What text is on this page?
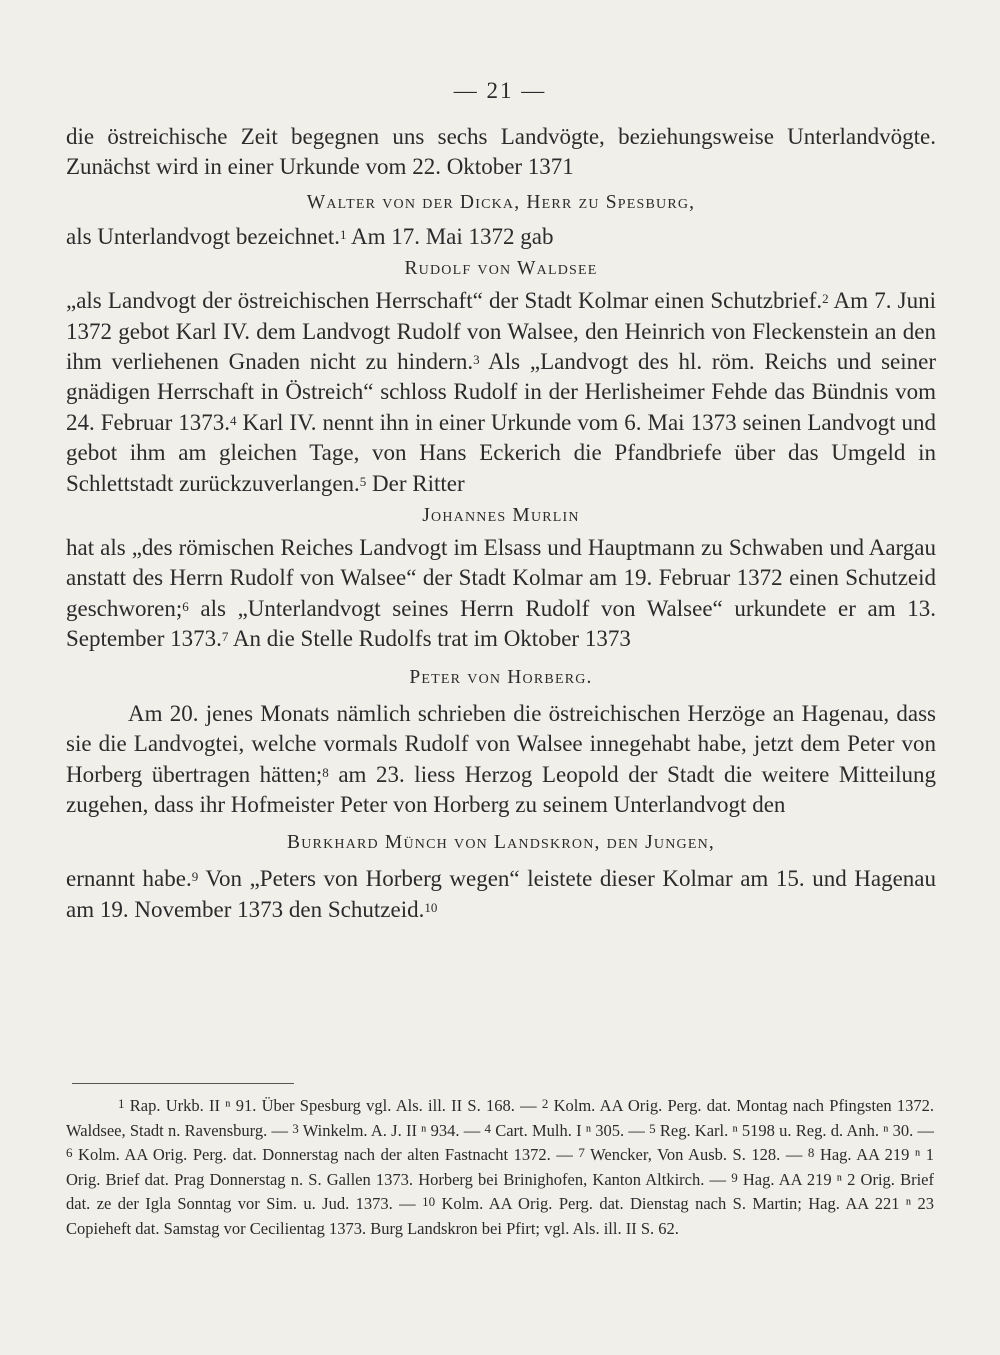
— 21 —

die östreichische Zeit begegnen uns sechs Landvögte, beziehungsweise Unterlandvögte. Zunächst wird in einer Urkunde vom 22. Oktober 1371

Walter von der Dicka, Herr zu Spesburg,

als Unterlandvogt bezeichnet.$^1$ Am 17. Mai 1372 gab

Rudolf von Waldsee

„als Landvogt der östreichischen Herrschaft“ der Stadt Kolmar einen Schutzbrief.$^2$ Am 7. Juni 1372 gebot Karl IV. dem Landvogt Rudolf von Walsee, den Heinrich von Fleckenstein an den ihm verliehenen Gnaden nicht zu hindern.$^3$ Als „Landvogt des hl. röm. Reichs und seiner gnädigen Herrschaft in Östreich“ schloss Rudolf in der Herlisheimer Fehde das Bündnis vom 24. Februar 1373.$^4$ Karl IV. nennt ihn in einer Urkunde vom 6. Mai 1373 seinen Landvogt und gebot ihm am gleichen Tage, von Hans Eckerich die Pfandbriefe über das Umgeld in Schlettstadt zurückzuverlangen.$^5$ Der Ritter

Johannes Murlin

hat als „des römischen Reiches Landvogt im Elsass und Hauptmann zu Schwaben und Aargau anstatt des Herrn Rudolf von Walsee“ der Stadt Kolmar am 19. Februar 1372 einen Schutzeid geschworen;$^6$ als „Unterlandvogt seines Herrn Rudolf von Walsee“ urkundete er am 13. September 1373.$^7$ An die Stelle Rudolfs trat im Oktober 1373

Peter von Horberg.

Am 20. jenes Monats nämlich schrieben die östreichischen Herzöge an Hagenau, dass sie die Landvogtei, welche vormals Rudolf von Walsee innegehabt habe, jetzt dem Peter von Horberg übertragen hätten;$^8$ am 23. liess Herzog Leopold der Stadt die weitere Mitteilung zugehen, dass ihr Hofmeister Peter von Horberg zu seinem Unterlandvogt den

Burkhard Münch von Landskron, den Jungen,

ernannt habe.$^9$ Von „Peters von Horberg wegen“ leistete dieser Kolmar am 15. und Hagenau am 19. November 1373 den Schutzeid.$^{10}$

$^1$ Rap. Urkb. II ⁿ 91. Über Spesburg vgl. Als. ill. II S. 168. — $^2$ Kolm. AA Orig. Perg. dat. Montag nach Pfingsten 1372. Waldsee, Stadt n. Ravensburg. — $^3$ Winkelm. A. J. II ⁿ 934. — $^4$ Cart. Mulh. I ⁿ 305. — $^5$ Reg. Karl. ⁿ 5198 u. Reg. d. Anh. ⁿ 30. — $^6$ Kolm. AA Orig. Perg. dat. Donnerstag nach der alten Fastnacht 1372. — $^7$ Wencker, Von Ausb. S. 128. — $^8$ Hag. AA 219 ⁿ 1 Orig. Brief dat. Prag Donnerstag n. S. Gallen 1373. Horberg bei Brinighofen, Kanton Altkirch. — $^9$ Hag. AA 219 ⁿ 2 Orig. Brief dat. ze der Igla Sonntag vor Sim. u. Jud. 1373. — $^{10}$ Kolm. AA Orig. Perg. dat. Dienstag nach S. Martin; Hag. AA 221 ⁿ 23 Copieheft dat. Samstag vor Cecilientag 1373. Burg Landskron bei Pfirt; vgl. Als. ill. II S. 62.
